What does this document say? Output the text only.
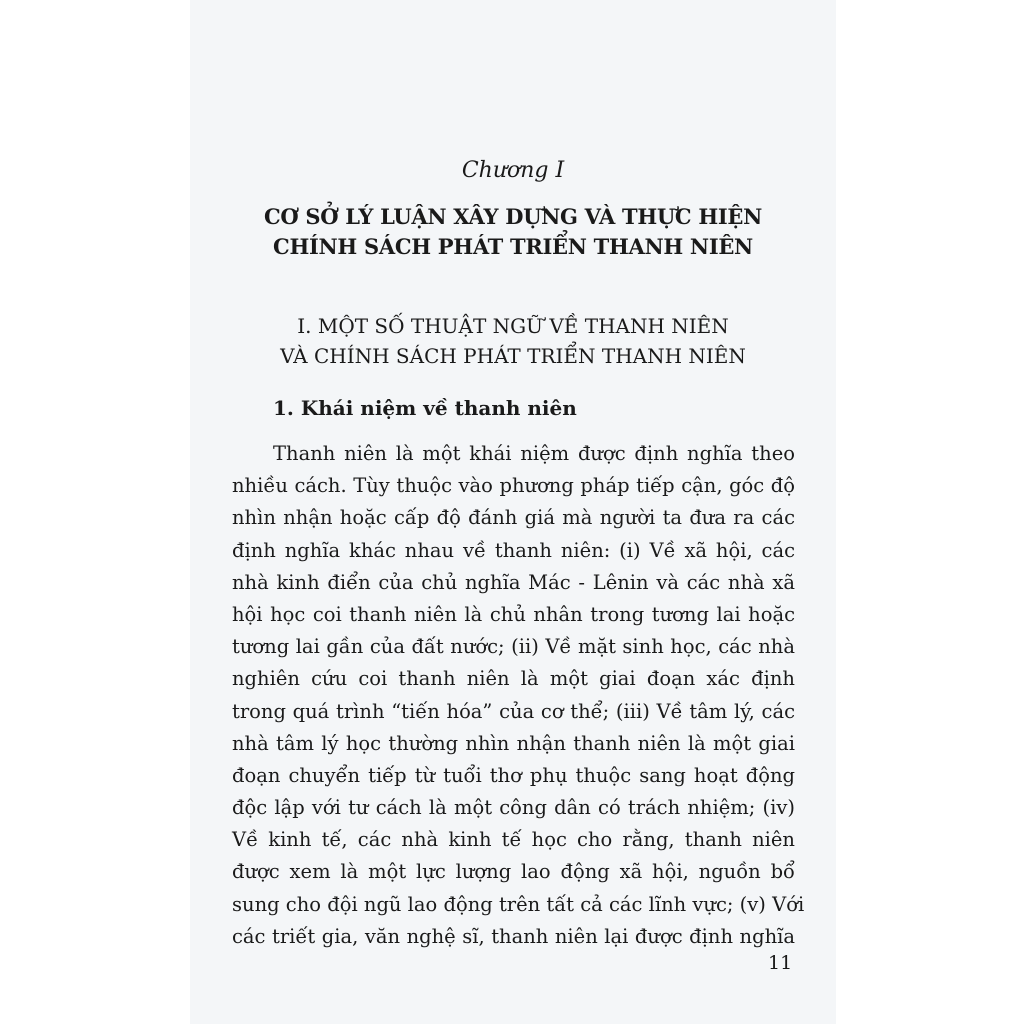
Chương I
CƠ SỞ LÝ LUẬN XÂY DỰNG VÀ THỰC HIỆN
CHÍNH SÁCH PHÁT TRIỂN THANH NIÊN
I. MỘT SỐ THUẬT NGỮ VỀ THANH NIÊN
VÀ CHÍNH SÁCH PHÁT TRIỂN THANH NIÊN
1. Khái niệm về thanh niên
Thanh niên là một khái niệm được định nghĩa theo
nhiều cách. Tùy thuộc vào phương pháp tiếp cận, góc độ
nhìn nhận hoặc cấp độ đánh giá mà người ta đưa ra các
định nghĩa khác nhau về thanh niên: (i) Về xã hội, các
nhà kinh điển của chủ nghĩa Mác - Lênin và các nhà xã
hội học coi thanh niên là chủ nhân trong tương lai hoặc
tương lai gần của đất nước; (ii) Về mặt sinh học, các nhà
nghiên cứu coi thanh niên là một giai đoạn xác định
trong quá trình “tiến hóa” của cơ thể; (iii) Về tâm lý, các
nhà tâm lý học thường nhìn nhận thanh niên là một giai
đoạn chuyển tiếp từ tuổi thơ phụ thuộc sang hoạt động
độc lập với tư cách là một công dân có trách nhiệm; (iv)
Về kinh tế, các nhà kinh tế học cho rằng, thanh niên
được xem là một lực lượng lao động xã hội, nguồn bổ
sung cho đội ngũ lao động trên tất cả các lĩnh vực; (v) Với
các triết gia, văn nghệ sĩ, thanh niên lại được định nghĩa
11
